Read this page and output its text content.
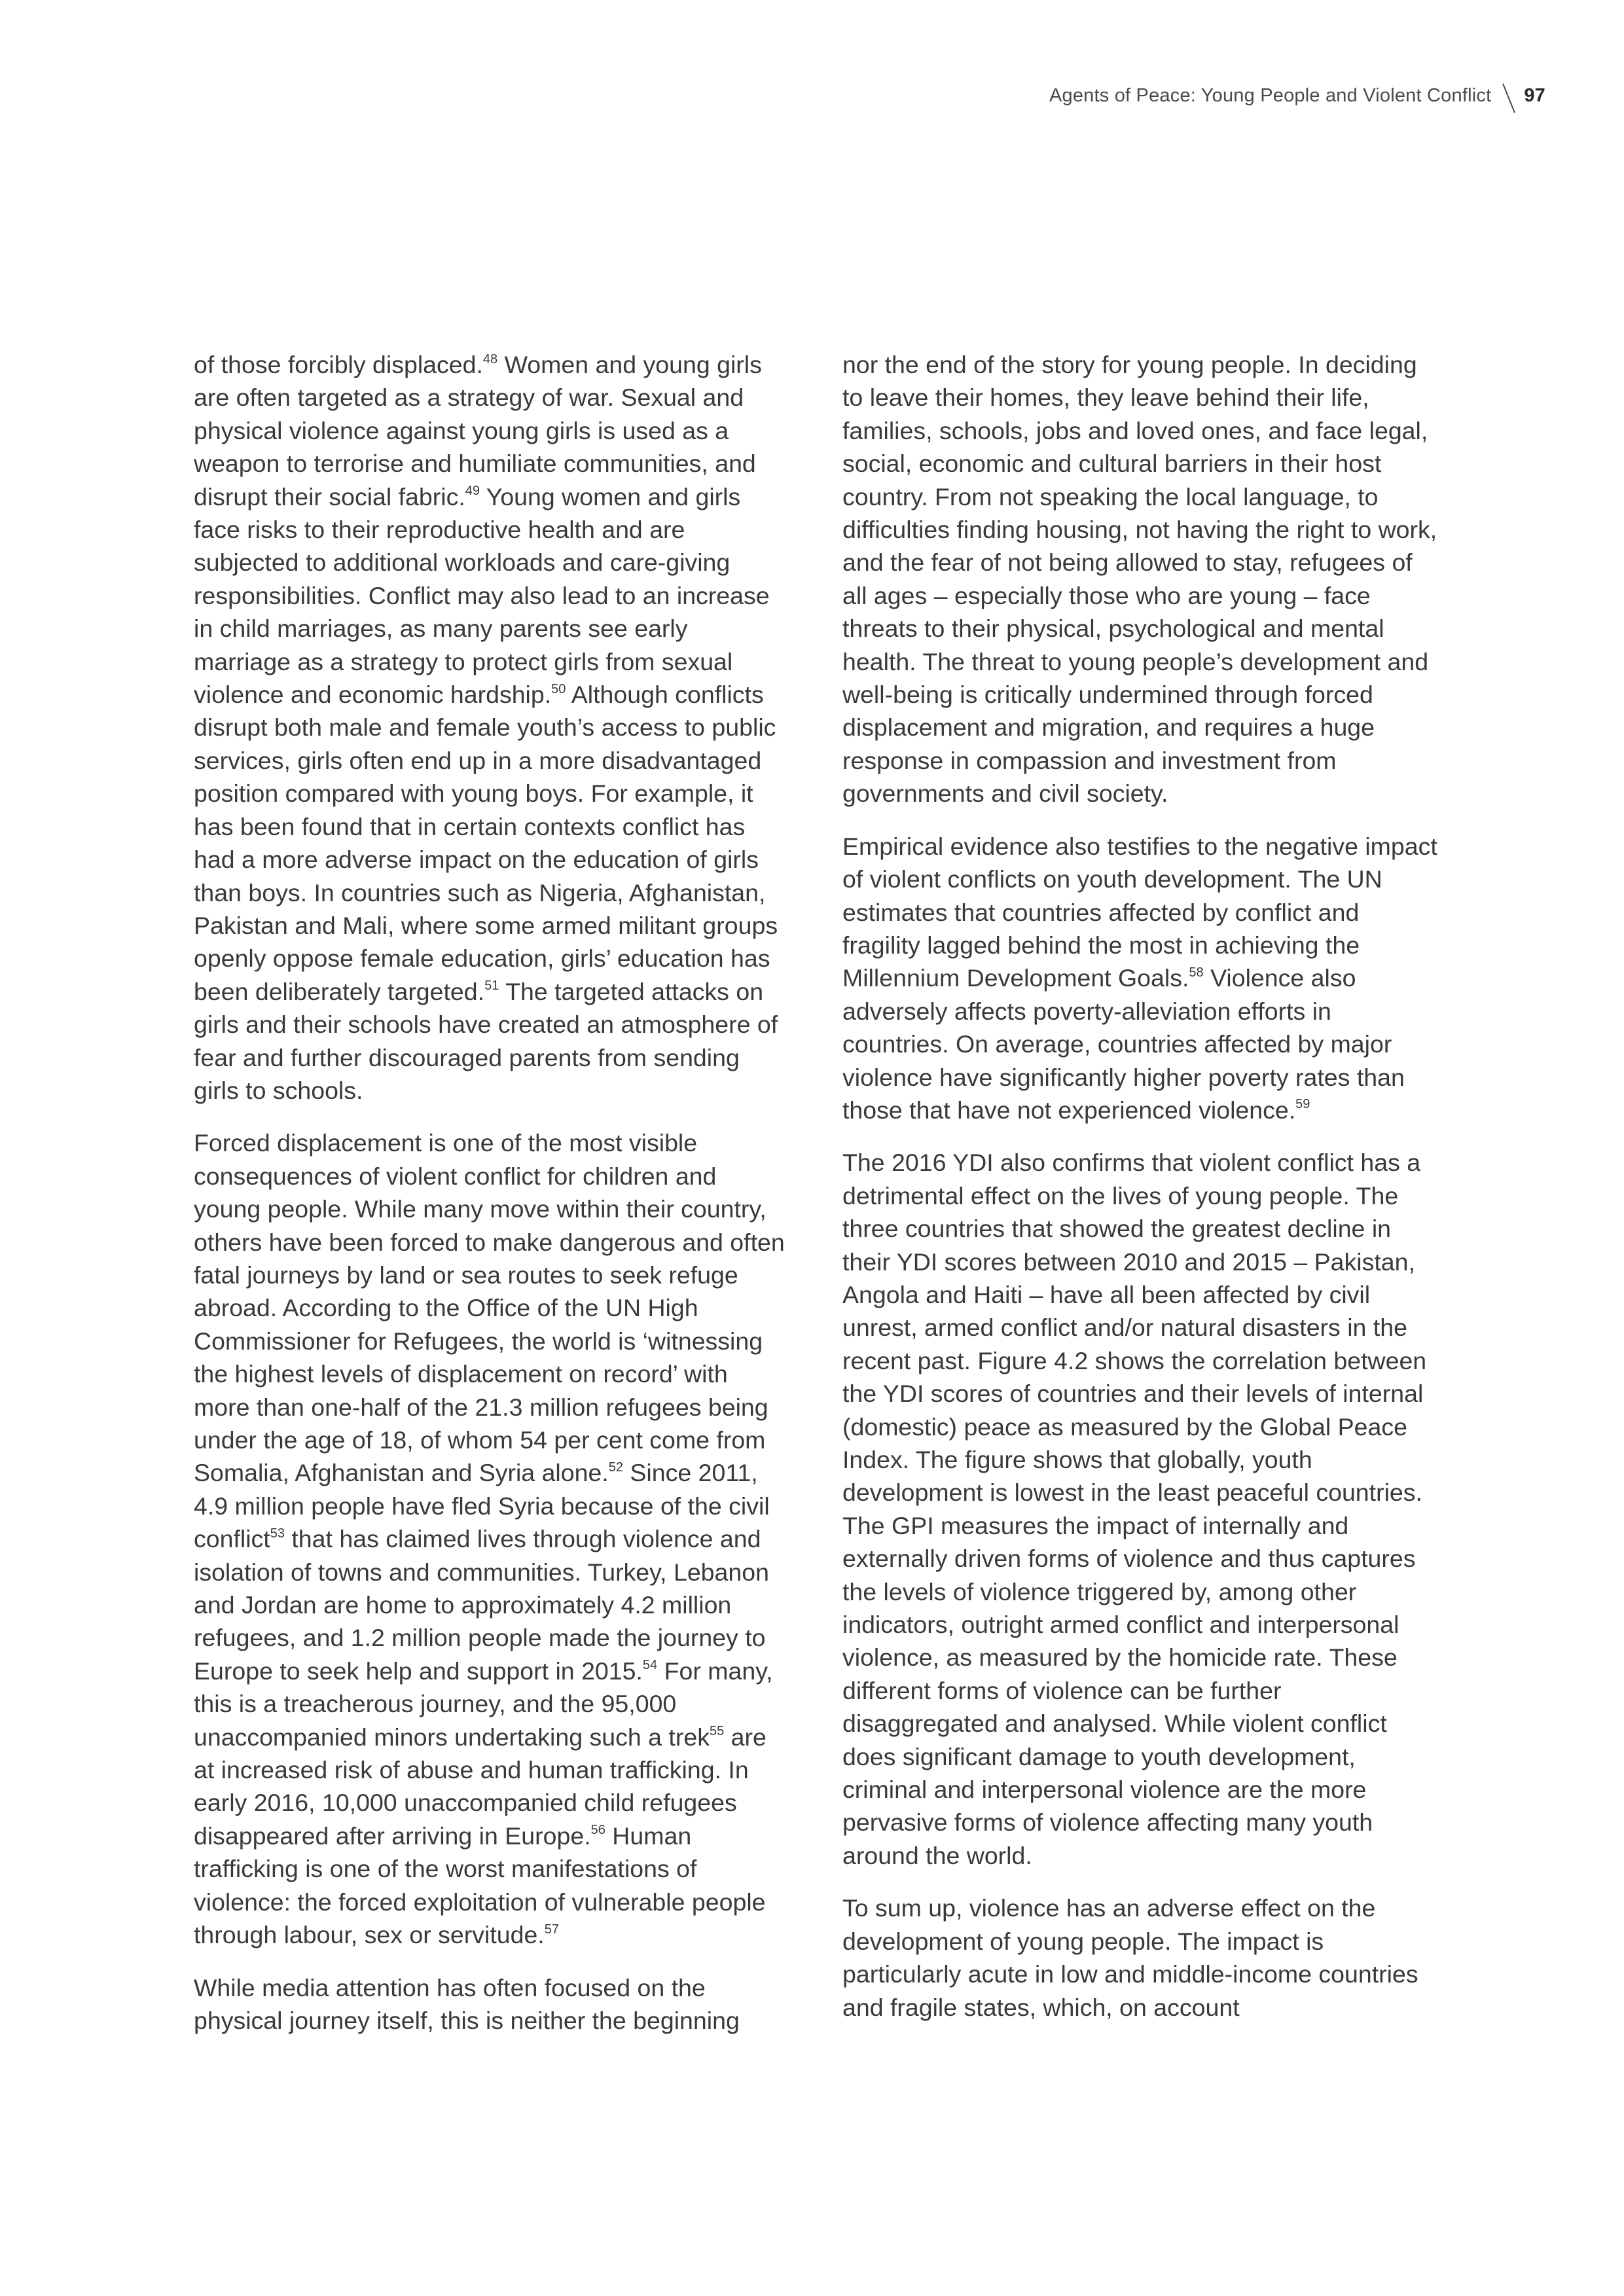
Agents of Peace: Young People and Violent Conflict 97

of those forcibly displaced.$^{48}$ Women and young girls are often targeted as a strategy of war. Sexual and physical violence against young girls is used as a weapon to terrorise and humiliate communities, and disrupt their social fabric.$^{49}$ Young women and girls face risks to their reproductive health and are subjected to additional workloads and care-giving responsibilities. Conflict may also lead to an increase in child marriages, as many parents see early marriage as a strategy to protect girls from sexual violence and economic hardship.$^{50}$ Although conflicts disrupt both male and female youth’s access to public services, girls often end up in a more disadvantaged position compared with young boys. For example, it has been found that in certain contexts conflict has had a more adverse impact on the education of girls than boys. In countries such as Nigeria, Afghanistan, Pakistan and Mali, where some armed militant groups openly oppose female education, girls’ education has been deliberately targeted.$^{51}$ The targeted attacks on girls and their schools have created an atmosphere of fear and further discouraged parents from sending girls to schools.

Forced displacement is one of the most visible consequences of violent conflict for children and young people. While many move within their country, others have been forced to make dangerous and often fatal journeys by land or sea routes to seek refuge abroad. According to the Office of the UN High Commissioner for Refugees, the world is ‘witnessing the highest levels of displacement on record’ with more than one-half of the 21.3 million refugees being under the age of 18, of whom 54 per cent come from Somalia, Afghanistan and Syria alone.$^{52}$ Since 2011, 4.9 million people have fled Syria because of the civil conflict$^{53}$ that has claimed lives through violence and isolation of towns and communities. Turkey, Lebanon and Jordan are home to approximately 4.2 million refugees, and 1.2 million people made the journey to Europe to seek help and support in 2015.54 For many, this is a treacherous journey, and the 95,000 unaccompanied minors undertaking such a trek$^{55}$ are at increased risk of abuse and human trafficking. In early 2016, 10,000 unaccompanied child refugees disappeared after arriving in Europe.$^{56}$ Human trafficking is one of the worst manifestations of violence: the forced exploitation of vulnerable people through labour, sex or servitude.$^{57}$

While media attention has often focused on the physical journey itself, this is neither the beginning

nor the end of the story for young people. In deciding to leave their homes, they leave behind their life, families, schools, jobs and loved ones, and face legal, social, economic and cultural barriers in their host country. From not speaking the local language, to difficulties finding housing, not having the right to work, and the fear of not being allowed to stay, refugees of all ages – especially those who are young – face threats to their physical, psychological and mental health. The threat to young people’s development and well-being is critically undermined through forced displacement and migration, and requires a huge response in compassion and investment from governments and civil society.

Empirical evidence also testifies to the negative impact of violent conflicts on youth development. The UN estimates that countries affected by conflict and fragility lagged behind the most in achieving the Millennium Development Goals.$^{58}$ Violence also adversely affects poverty-alleviation efforts in countries. On average, countries affected by major violence have significantly higher poverty rates than those that have not experienced violence.$^{59}$

The 2016 YDI also confirms that violent conflict has a detrimental effect on the lives of young people. The three countries that showed the greatest decline in their YDI scores between 2010 and 2015 – Pakistan, Angola and Haiti – have all been affected by civil unrest, armed conflict and/or natural disasters in the recent past. Figure 4.2 shows the correlation between the YDI scores of countries and their levels of internal (domestic) peace as measured by the Global Peace Index. The figure shows that globally, youth development is lowest in the least peaceful countries. The GPI measures the impact of internally and externally driven forms of violence and thus captures the levels of violence triggered by, among other indicators, outright armed conflict and interpersonal violence, as measured by the homicide rate. These different forms of violence can be further disaggregated and analysed. While violent conflict does significant damage to youth development, criminal and interpersonal violence are the more pervasive forms of violence affecting many youth around the world.

To sum up, violence has an adverse effect on the development of young people. The impact is particularly acute in low and middle-income countries and fragile states, which, on account
